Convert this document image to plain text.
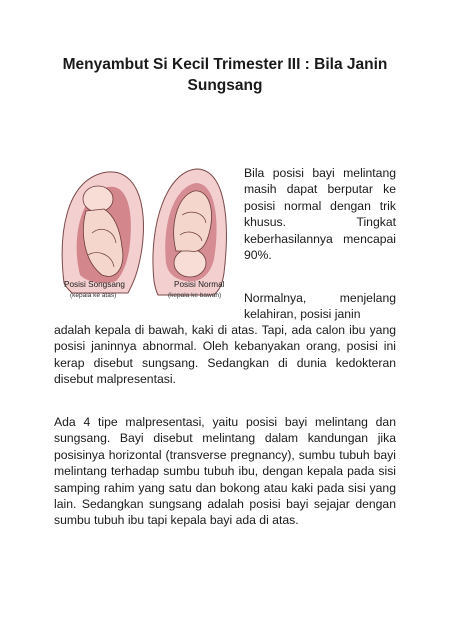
Menyambut Si Kecil Trimester III : Bila Janin Sungsang
Posisi Songsang
(kepala ke atas)
Posisi Normal
(kepala ke bawah)

Bila posisi bayi melintang masih dapat berputar ke posisi normal dengan trik khusus. Tingkat keberhasilannya mencapai 90%.

Normalnya, menjelang kelahiran, posisi janin

adalah kepala di bawah, kaki di atas. Tapi, ada calon ibu yang posisi janinnya abnormal. Oleh kebanyakan orang, posisi ini kerap disebut sungsang. Sedangkan di dunia kedokteran disebut malpresentasi.

Ada 4 tipe malpresentasi, yaitu posisi bayi melintang dan sungsang. Bayi disebut melintang dalam kandungan jika posisinya horizontal (transverse pregnancy), sumbu tubuh bayi melintang terhadap sumbu tubuh ibu, dengan kepala pada sisi samping rahim yang satu dan bokong atau kaki pada sisi yang lain. Sedangkan sungsang adalah posisi bayi sejajar dengan sumbu tubuh ibu tapi kepala bayi ada di atas.
